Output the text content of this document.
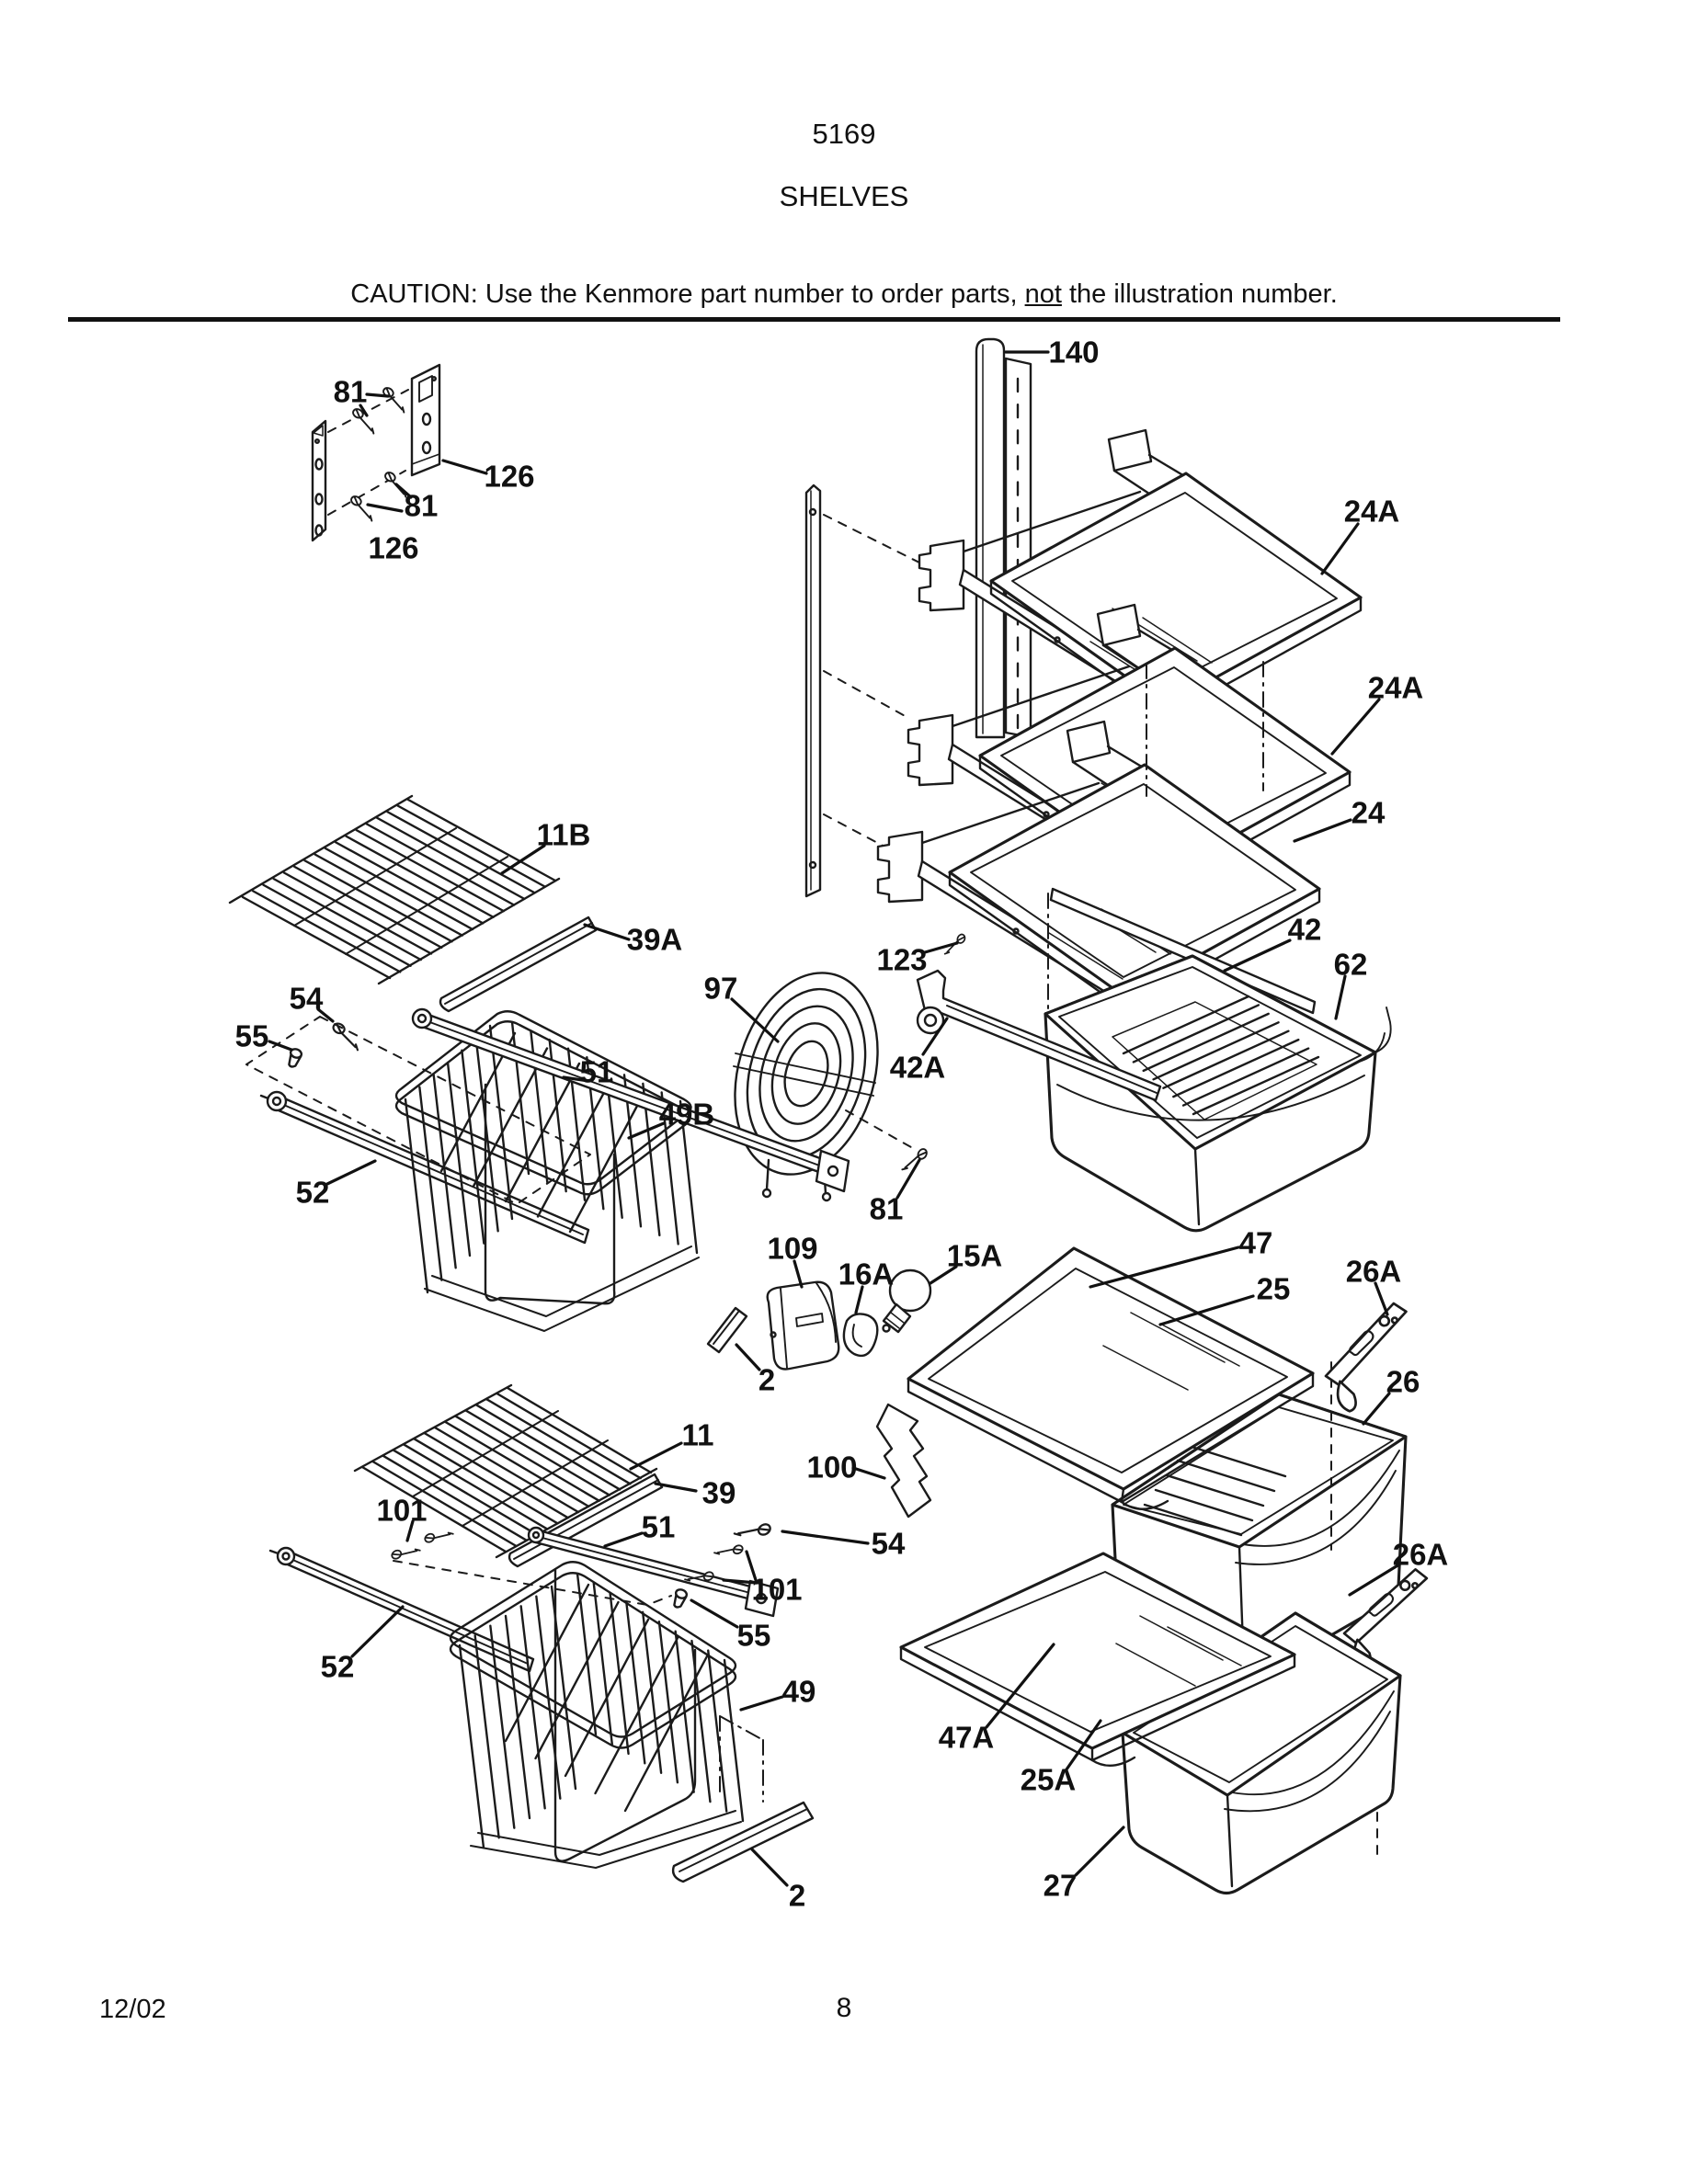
5169
SHELVES
CAUTION: Use the Kenmore part number to order parts, not the illustration number.
81
126
81
126
140
24A
24A
24
11B
39A
123
97
42
62
54
55
51	42A
49B
52	81
109
16A
15A	47
26A
25
2	26
11
100
39
101	51	54	26A
101
55
52
49
47A
25A
2	27
12/02	8
